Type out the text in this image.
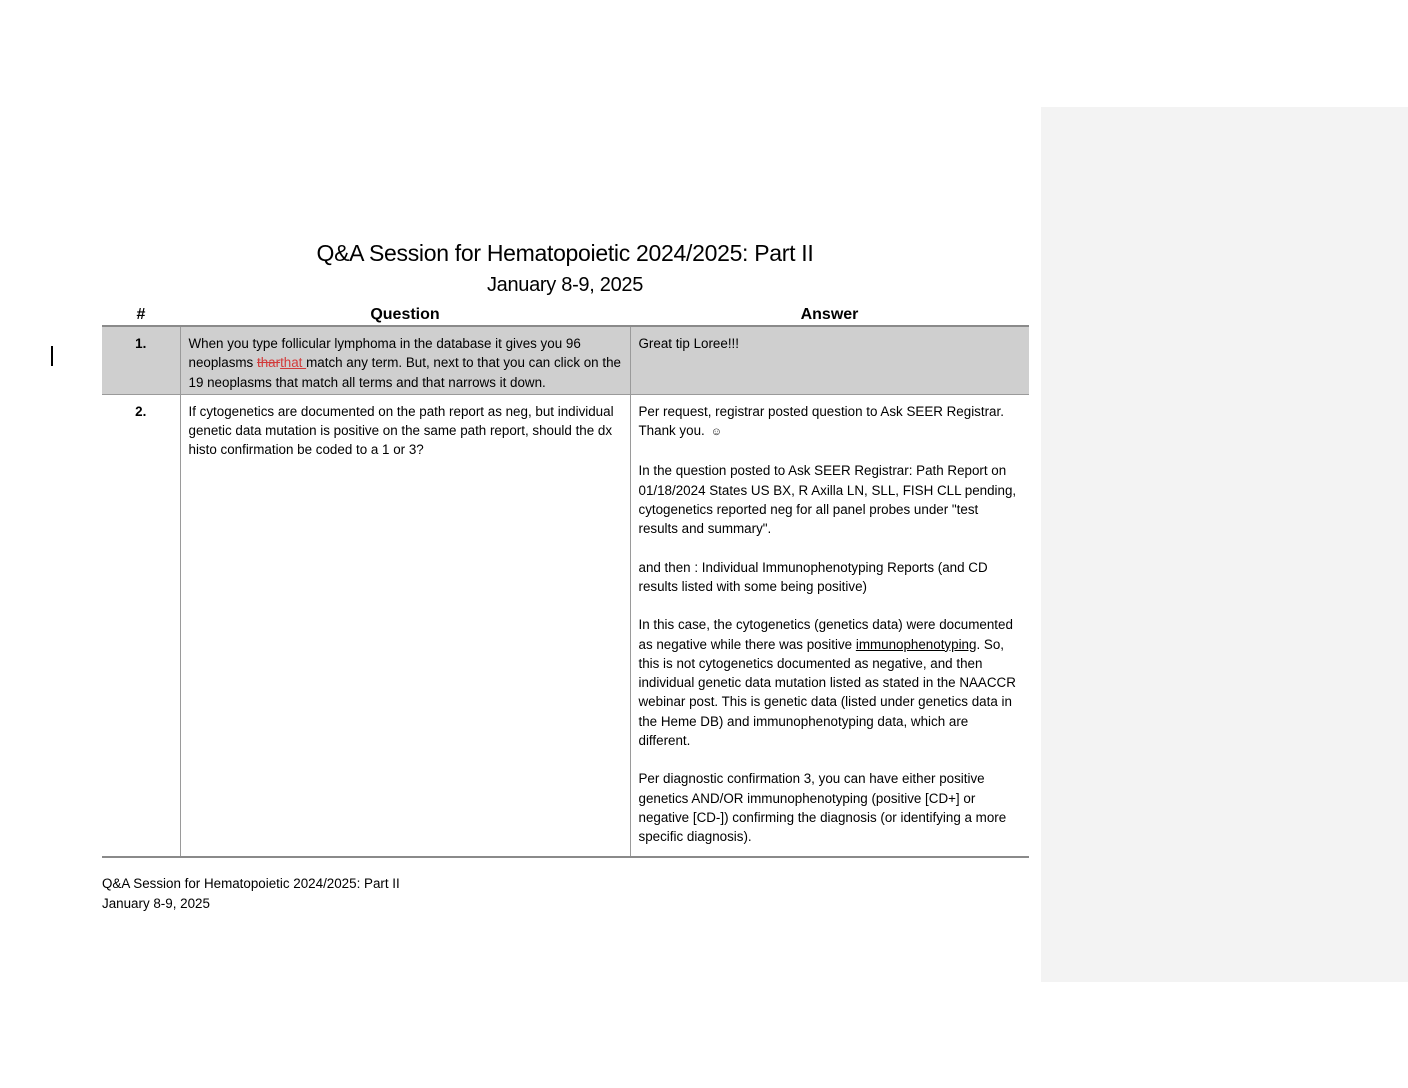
Q&A Session for Hematopoietic 2024/2025: Part II
January 8-9, 2025
#	Question	Answer
1.	When you type follicular lymphoma in the database it gives you 96 neoplasms tharthat match any term. But, next to that you can click on the 19 neoplasms that match all terms and that narrows it down.	Great tip Loree!!!
2.	If cytogenetics are documented on the path report as neg, but individual genetic data mutation is positive on the same path report, should the dx histo confirmation be coded to a 1 or 3?	Per request, registrar posted question to Ask SEER Registrar. Thank you. ☺

In the question posted to Ask SEER Registrar: Path Report on 01/18/2024 States US BX, R Axilla LN, SLL, FISH CLL pending, cytogenetics reported neg for all panel probes under "test results and summary".

and then : Individual Immunophenotyping Reports (and CD results listed with some being positive)

In this case, the cytogenetics (genetics data) were documented as negative while there was positive immunophenotyping. So, this is not cytogenetics documented as negative, and then individual genetic data mutation listed as stated in the NAACCR webinar post. This is genetic data (listed under genetics data in the Heme DB) and immunophenotyping data, which are different.

Per diagnostic confirmation 3, you can have either positive genetics AND/OR immunophenotyping (positive [CD+] or negative [CD-]) confirming the diagnosis (or identifying a more specific diagnosis).

Q&A Session for Hematopoietic 2024/2025: Part II
January 8-9, 2025
